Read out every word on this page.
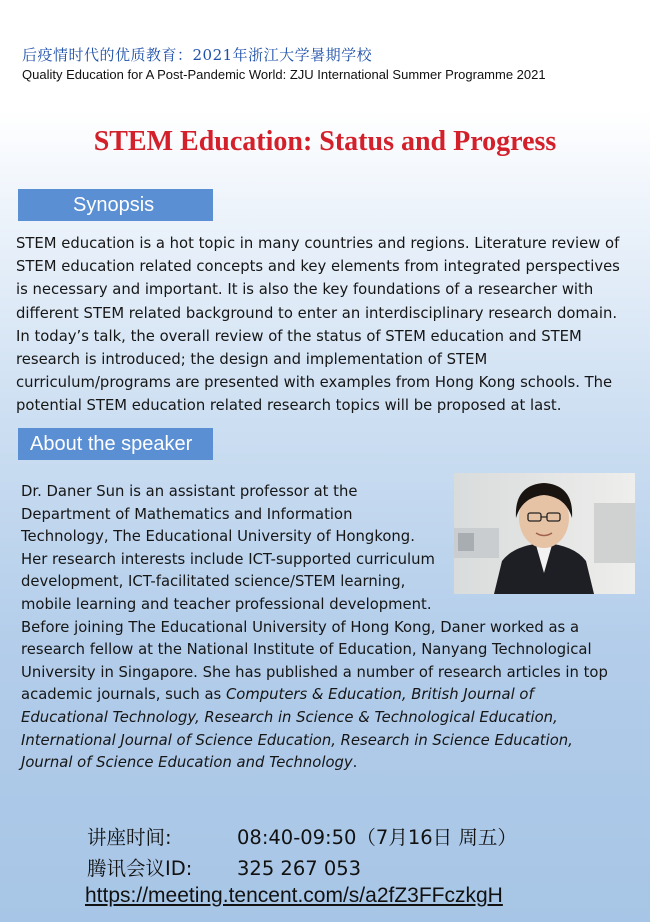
后疫情时代的优质教育：2021年浙江大学暑期学校
Quality Education for A Post-Pandemic World: ZJU International Summer Programme 2021
STEM Education: Status and Progress
Synopsis

STEM education is a hot topic in many countries and regions. Literature review of
STEM education related concepts and key elements from integrated perspectives
is necessary and important. It is also the key foundations of a researcher with
different STEM related background to enter an interdisciplinary research domain.
In today’s talk, the overall review of the status of STEM education and STEM
research is introduced; the design and implementation of STEM
curriculum/programs are presented with examples from Hong Kong schools. The
potential STEM education related research topics will be proposed at last.

About the speaker

Dr. Daner Sun is an assistant professor at the
Department of Mathematics and Information
Technology, The Educational University of Hongkong.
Her research interests include ICT-supported curriculum
development, ICT-facilitated science/STEM learning,
mobile learning and teacher professional development.
Before joining The Educational University of Hong Kong, Daner worked as a
research fellow at the National Institute of Education, Nanyang Technological
University in Singapore. She has published a number of research articles in top
academic journals, such as Computers & Education, British Journal of
Educational Technology, Research in Science & Technological Education,
International Journal of Science Education, Research in Science Education,
Journal of Science Education and Technology.

讲座时间:	08:40-09:50（7月16日 周五）
腾讯会议ID: 325 267 053
https://meeting.tencent.com/s/a2fZ3FFczkgH
